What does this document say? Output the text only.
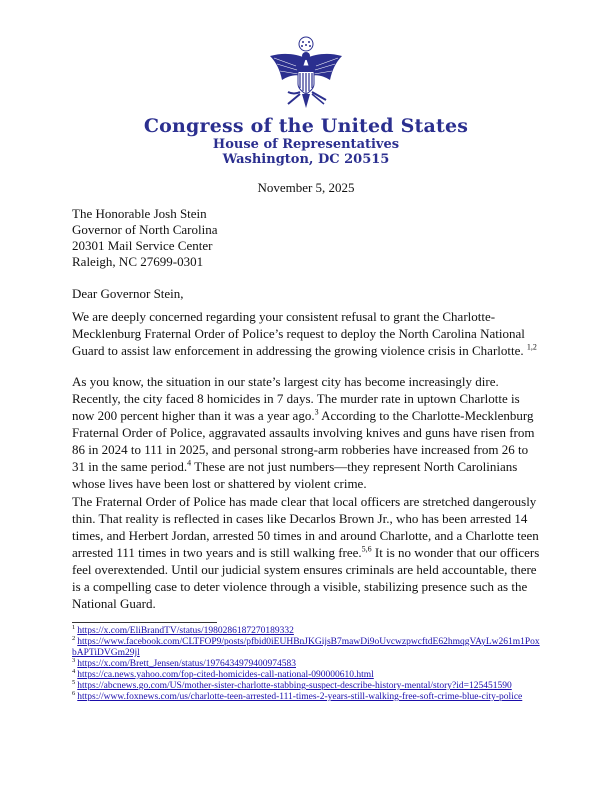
Congress of the United States
House of Representatives
Washington, DC 20515
November 5, 2025
The Honorable Josh Stein
Governor of North Carolina
20301 Mail Service Center
Raleigh, NC 27699-0301
Dear Governor Stein,
We are deeply concerned regarding your consistent refusal to grant the Charlotte-Mecklenburg Fraternal Order of Police’s request to deploy the North Carolina National Guard to assist law enforcement in addressing the growing violence crisis in Charlotte. $^{1,2}$
As you know, the situation in our state’s largest city has become increasingly dire. Recently, the city faced 8 homicides in 7 days. The murder rate in uptown Charlotte is now 200 percent higher than it was a year ago.$^3$ According to the Charlotte-Mecklenburg Fraternal Order of Police, aggravated assaults involving knives and guns have risen from 86 in 2024 to 111 in 2025, and personal strong-arm robberies have increased from 26 to 31 in the same period.$^4$ These are not just numbers—they represent North Carolinians whose lives have been lost or shattered by violent crime.
The Fraternal Order of Police has made clear that local officers are stretched dangerously thin. That reality is reflected in cases like Decarlos Brown Jr., who has been arrested 14 times, and Herbert Jordan, arrested 50 times in and around Charlotte, and a Charlotte teen arrested 111 times in two years and is still walking free.$^{5,6}$ It is no wonder that our officers feel overextended. Until our judicial system ensures criminals are held accountable, there is a compelling case to deter violence through a visible, stabilizing presence such as the National Guard.

$^1$ https://x.com/EliBrandTV/status/1980286187270189332

$^2$ https://www.facebook.com/CLTFOP9/posts/pfbid0iEUHBnJKGijsB7mawDi9oUvcwzpwcftdE62hmqgVAyLw261m1PoxbAPTiDVGm29jl

$^3$ https://x.com/Brett_Jensen/status/1976434979400974583

$^4$ https://ca.news.yahoo.com/fop-cited-homicides-call-national-090000610.html

$^5$ https://abcnews.go.com/US/mother-sister-charlotte-stabbing-suspect-describe-history-mental/story?id=125451590

$^6$ https://www.foxnews.com/us/charlotte-teen-arrested-111-times-2-years-still-walking-free-soft-crime-blue-city-police
